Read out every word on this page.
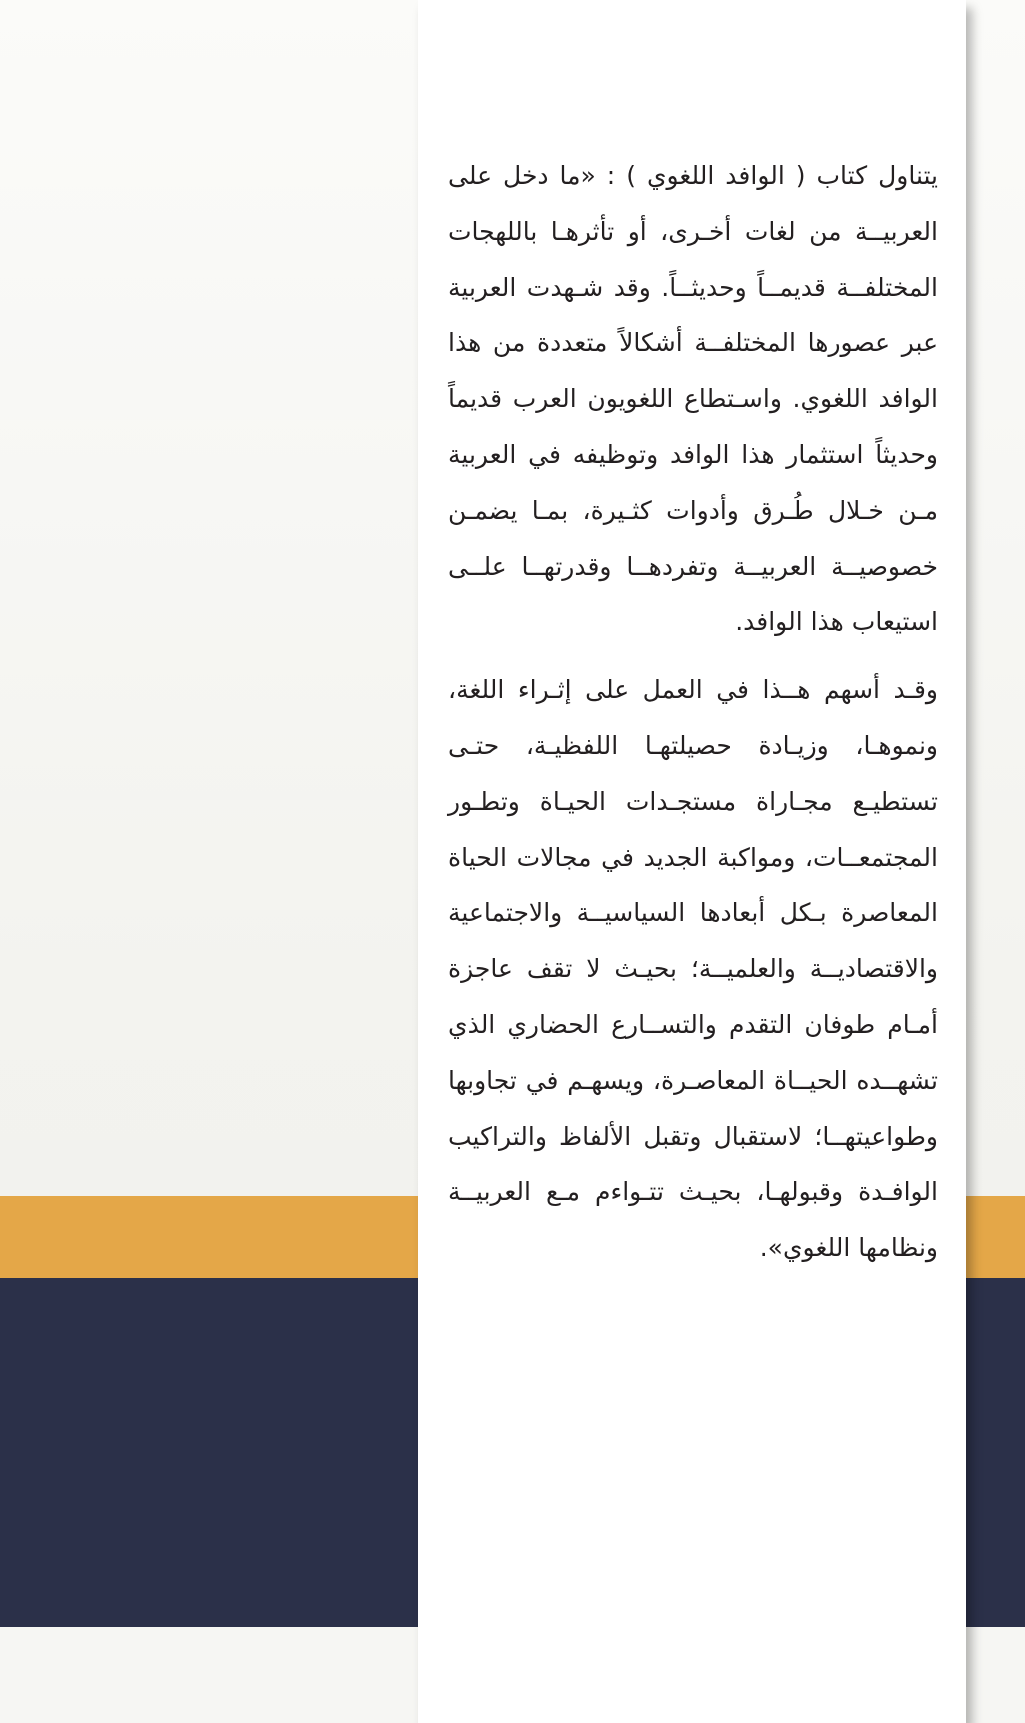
يتناول كتاب ( الوافد اللغوي ) : «ما دخل على العربيــة من لغات أخـرى، أو تأثرهـا باللهجات المختلفــة قديمــاً وحديثــاً. وقد شـهدت العربية عبر عصورها المختلفــة أشكالاً متعددة من هذا الوافد اللغوي. واسـتطاع اللغويون العرب قديماً وحديثاً استثمار هذا الوافد وتوظيفه في العربية مـن خـلال طُـرق وأدوات كثـيرة، بمـا يضمـن خصوصيــة العربيــة وتفردهــا وقدرتهــا علــى استيعاب هذا الوافد.

وقـد أسهم هــذا في العمل على إثـراء اللغة، ونموهـا، وزيـادة حصيلتهـا اللفظيـة، حتـى تستطيـع مجـاراة مستجـدات الحيـاة وتطـور المجتمعــات، ومواكبة الجديد في مجالات الحياة المعاصرة بـكل أبعادها السياسيــة والاجتماعية والاقتصاديــة والعلميــة؛ بحيـث لا تقف عاجزة أمـام طوفان التقدم والتســارع الحضاري الذي تشهــده الحيــاة المعاصـرة، ويسهـم في تجاوبها وطواعيتهــا؛ لاستقبال وتقبل الألفاظ والتراكيب الوافـدة وقبولهـا، بحيـث تتـواءم مـع العربيــة ونظامها اللغوي».
